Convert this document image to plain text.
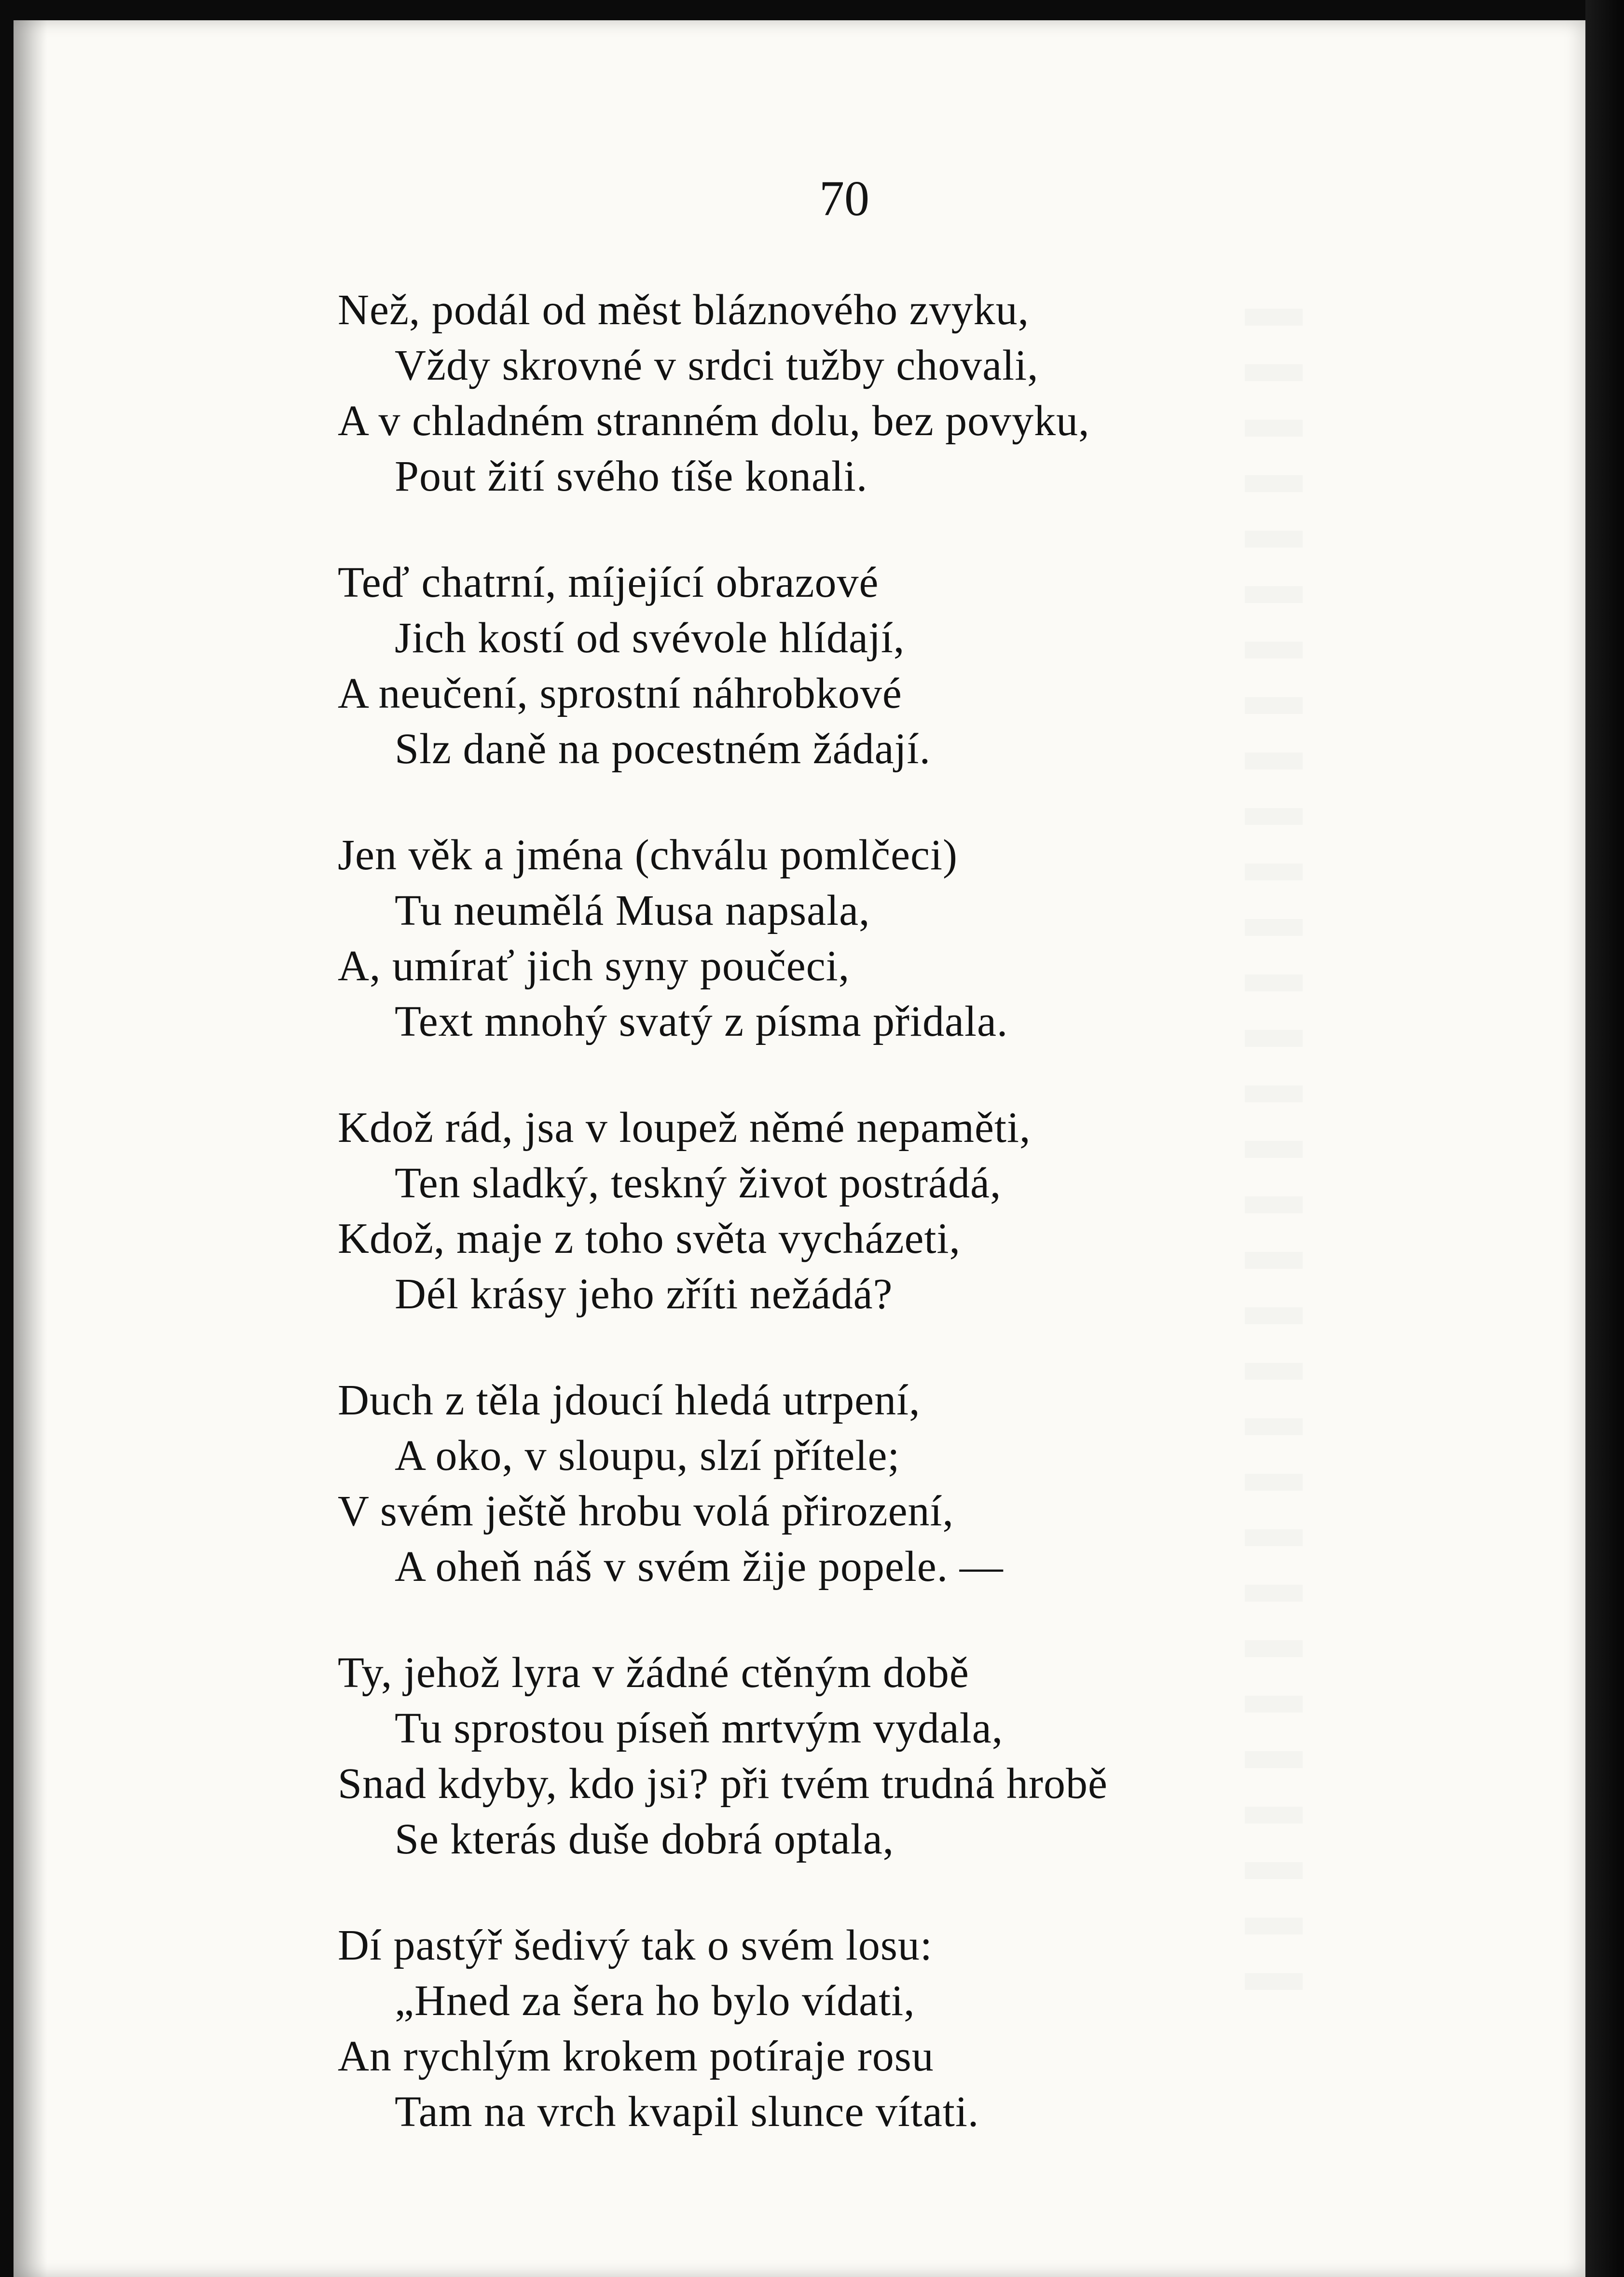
70
Než, podál od měst bláznového zvyku,
Vždy skrovné v srdci tužby chovali,
A v chladném stranném dolu, bez povyku,
Pout žití svého tíše konali.
Teď chatrní, míjející obrazové
Jich kostí od svévole hlídají,
A neučení, sprostní náhrobkové
Slz daně na pocestném žádají.
Jen věk a jména (chválu pomlčeci)
Tu neumělá Musa napsala,
A, umírať jich syny poučeci,
Text mnohý svatý z písma přidala.
Kdož rád, jsa v loupež němé nepaměti,
Ten sladký, teskný život postrádá,
Kdož, maje z toho světa vycházeti,
Dél krásy jeho zříti nežádá?
Duch z těla jdoucí hledá utrpení,
A oko, v sloupu, slzí přítele;
V svém ještě hrobu volá přirození,
A oheň náš v svém žije popele. —
Ty, jehož lyra v žádné ctěným době
Tu sprostou píseň mrtvým vydala,
Snad kdyby, kdo jsi? při tvém trudná hrobě
Se kterás duše dobrá optala,
Dí pastýř šedivý tak o svém losu:
„Hned za šera ho bylo vídati,
An rychlým krokem potíraje rosu
Tam na vrch kvapil slunce vítati.
